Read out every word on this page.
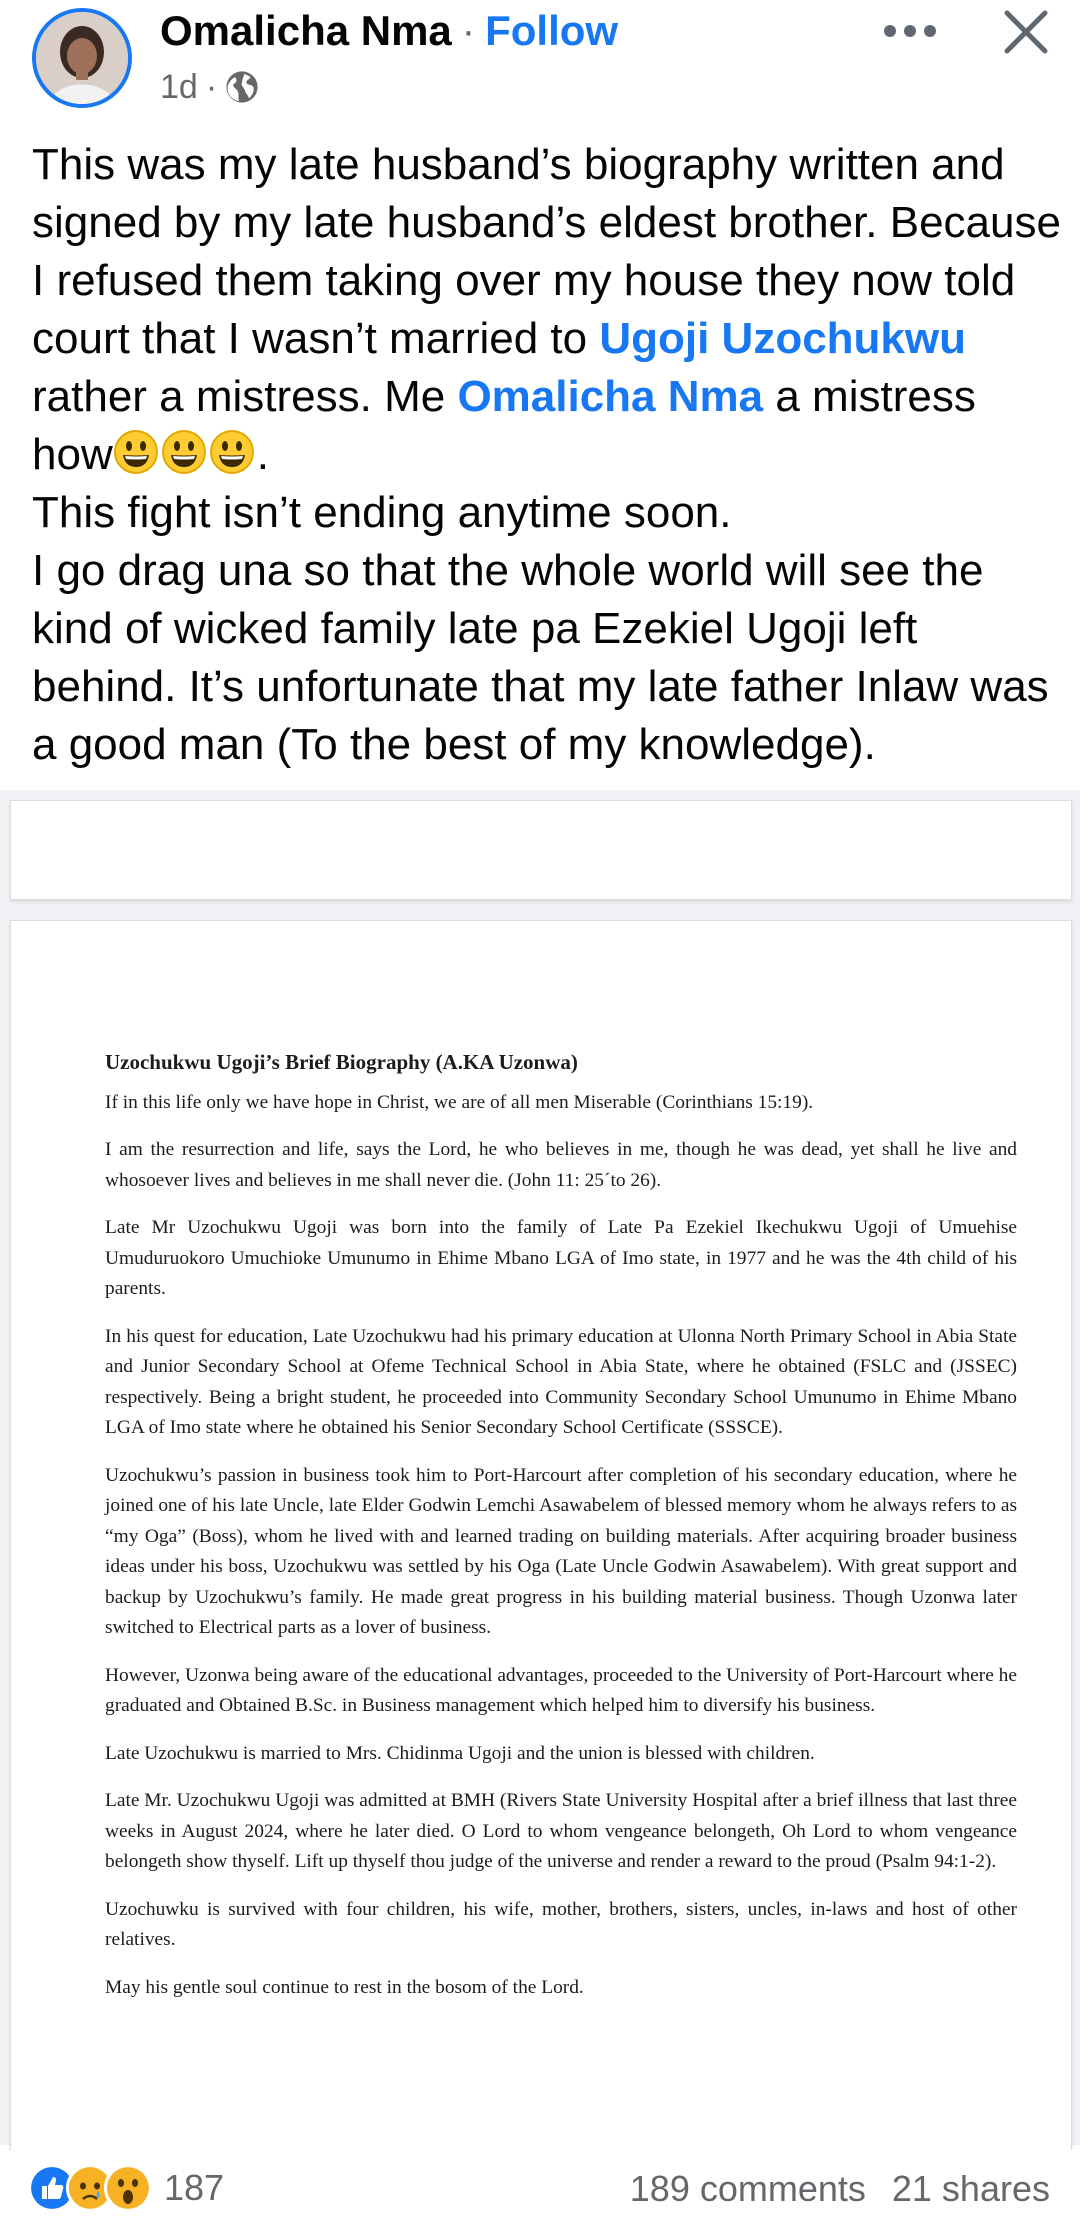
Omalicha Nma · Follow
1d ·

This was my late husband’s biography written and signed by my late husband’s eldest brother. Because I refused them taking over my house they now told court that I wasn’t married to Ugoji Uzochukwu rather a mistress. Me Omalicha Nma a mistress how	.

This fight isn’t ending anytime soon.

I go drag una so that the whole world will see the kind of wicked family late pa Ezekiel Ugoji left behind. It’s unfortunate that my late father Inlaw was a good man (To the best of my knowledge).

Uzochukwu Ugoji’s Brief Biography (A.KA Uzonwa)

If in this life only we have hope in Christ, we are of all men Miserable (Corinthians 15:19).

I am the resurrection and life, says the Lord, he who believes in me, though he was dead, yet shall he live and whosoever lives and believes in me shall never die. (John 11: 25´to 26).

Late Mr Uzochukwu Ugoji was born into the family of Late Pa Ezekiel Ikechukwu Ugoji of Umuehise Umuduruokoro Umuchioke Umunumo in Ehime Mbano LGA of Imo state, in 1977 and he was the 4th child of his parents.

In his quest for education, Late Uzochukwu had his primary education at Ulonna North Primary School in Abia State and Junior Secondary School at Ofeme Technical School in Abia State, where he obtained (FSLC and (JSSEC) respectively. Being a bright student, he proceeded into Community Secondary School Umunumo in Ehime Mbano LGA of Imo state where he obtained his Senior Secondary School Certificate (SSSCE).

Uzochukwu’s passion in business took him to Port-Harcourt after completion of his secondary education, where he joined one of his late Uncle, late Elder Godwin Lemchi Asawabelem of blessed memory whom he always refers to as “my Oga” (Boss), whom he lived with and learned trading on building materials. After acquiring broader business ideas under his boss, Uzochukwu was settled by his Oga (Late Uncle Godwin Asawabelem). With great support and backup by Uzochukwu’s family. He made great progress in his building material business. Though Uzonwa later switched to Electrical parts as a lover of business.

However, Uzonwa being aware of the educational advantages, proceeded to the University of Port-Harcourt where he graduated and Obtained B.Sc. in Business management which helped him to diversify his business.

Late Uzochukwu is married to Mrs. Chidinma Ugoji and the union is blessed with children.

Late Mr. Uzochukwu Ugoji was admitted at BMH (Rivers State University Hospital after a brief illness that last three weeks in August 2024, where he later died. O Lord to whom vengeance belongeth, Oh Lord to whom vengeance belongeth show thyself. Lift up thyself thou judge of the universe and render a reward to the proud (Psalm 94:1-2).

Uzochuwku is survived with four children, his wife, mother, brothers, sisters, uncles, in-laws and host of other relatives.

May his gentle soul continue to rest in the bosom of the Lord.

187	189 comments 21 shares
